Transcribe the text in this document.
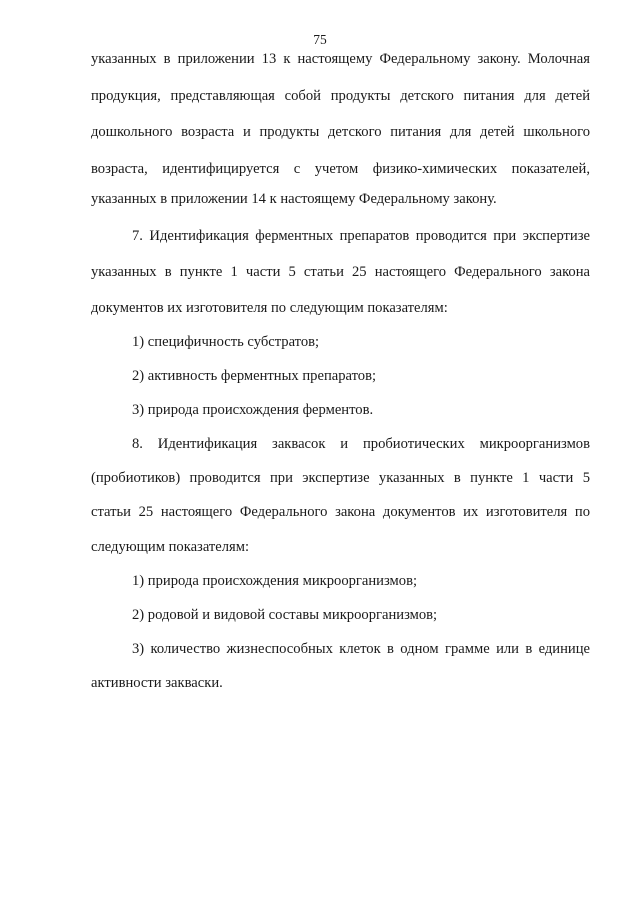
75
указанных в приложении 13 к настоящему Федеральному закону. Молочная
продукция, представляющая собой продукты детского питания для детей
дошкольного возраста и продукты детского питания для детей школьного
возраста, идентифицируется с учетом физико-химических показателей,
указанных в приложении 14 к настоящему Федеральному закону.
7. Идентификация ферментных препаратов проводится при экспертизе
указанных в пункте 1 части 5 статьи 25 настоящего Федерального закона
документов их изготовителя по следующим показателям:
1) специфичность субстратов;
2) активность ферментных препаратов;
3) природа происхождения ферментов.
8. Идентификация заквасок и пробиотических микроорганизмов
(пробиотиков) проводится при экспертизе указанных в пункте 1 части 5
статьи 25 настоящего Федерального закона документов их изготовителя по
следующим показателям:
1) природа происхождения микроорганизмов;
2) родовой и видовой составы микроорганизмов;
3) количество жизнеспособных клеток в одном грамме или в единице
активности закваски.
